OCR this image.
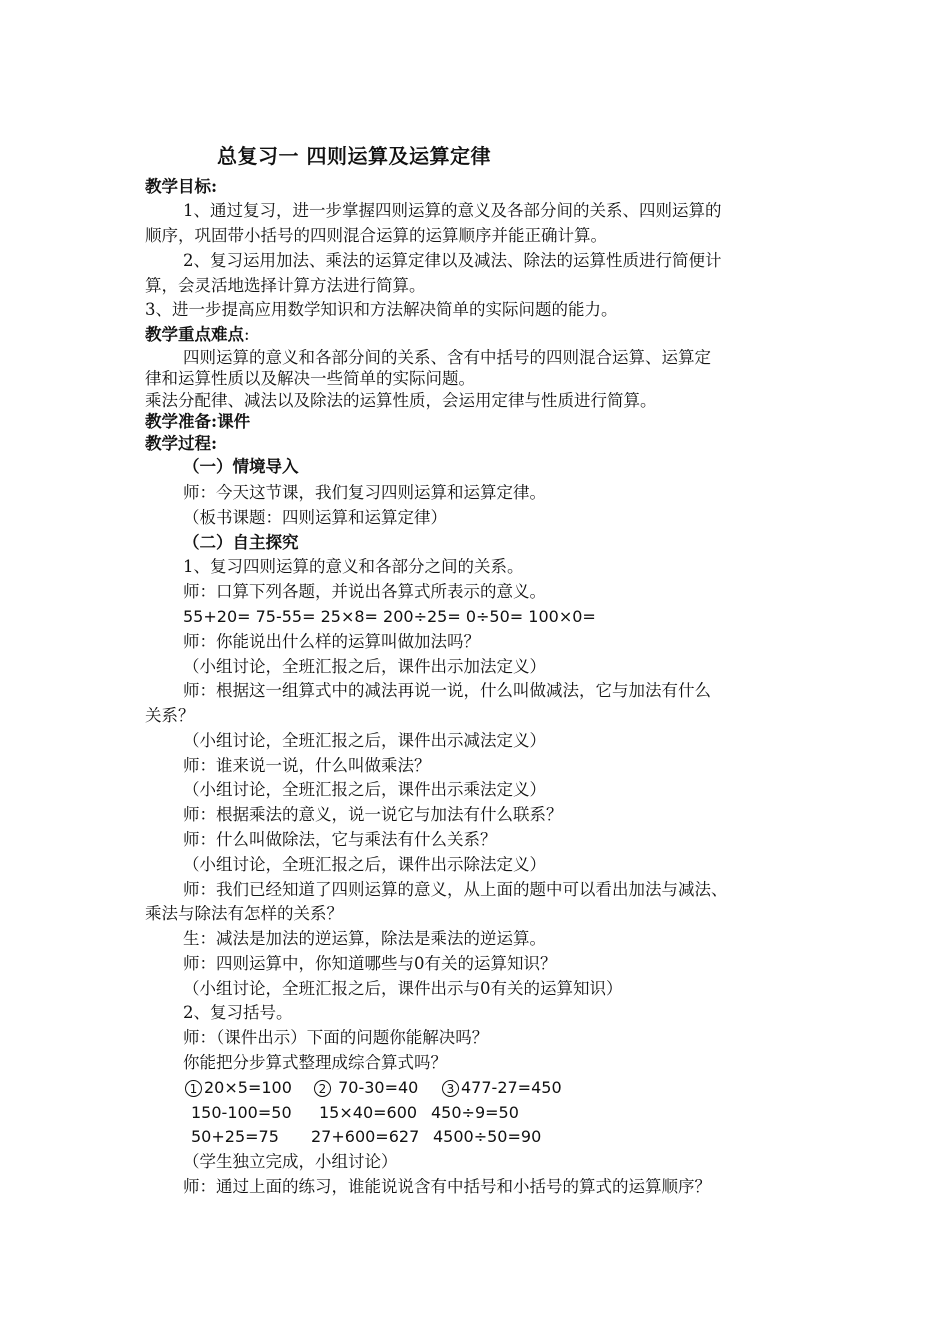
总复习一 四则运算及运算定律
教学目标:
1、通过复习，进一步掌握四则运算的意义及各部分间的关系、四则运算的
顺序，巩固带小括号的四则混合运算的运算顺序并能正确计算。
2、复习运用加法、乘法的运算定律以及减法、除法的运算性质进行简便计
算，会灵活地选择计算方法进行简算。
3、进一步提高应用数学知识和方法解决简单的实际问题的能力。
教学重点难点:
四则运算的意义和各部分间的关系、含有中括号的四则混合运算、运算定
律和运算性质以及解决一些简单的实际问题。
乘法分配律、减法以及除法的运算性质，会运用定律与性质进行简算。
教学准备:课件
教学过程:
（一）情境导入
师：今天这节课，我们复习四则运算和运算定律。
（板书课题：四则运算和运算定律）
（二）自主探究
1、复习四则运算的意义和各部分之间的关系。
师：口算下列各题，并说出各算式所表示的意义。
55+20= 75-55= 25×8= 200÷25= 0÷50= 100×0=
师：你能说出什么样的运算叫做加法吗？
（小组讨论，全班汇报之后，课件出示加法定义）
师：根据这一组算式中的减法再说一说，什么叫做减法，它与加法有什么
关系？
（小组讨论，全班汇报之后，课件出示减法定义）
师：谁来说一说，什么叫做乘法？
（小组讨论，全班汇报之后，课件出示乘法定义）
师：根据乘法的意义，说一说它与加法有什么联系？
师：什么叫做除法，它与乘法有什么关系？
（小组讨论，全班汇报之后，课件出示除法定义）
师：我们已经知道了四则运算的意义，从上面的题中可以看出加法与减法、
乘法与除法有怎样的关系？
生：减法是加法的逆运算，除法是乘法的逆运算。
师：四则运算中，你知道哪些与0有关的运算知识？
（小组讨论，全班汇报之后，课件出示与0有关的运算知识）
2、复习括号。
师：（课件出示）下面的问题你能解决吗？
你能把分步算式整理成综合算式吗？
1 20×5=100	2 70-30=40	3 477-27=450
150-100=50 15×40=600 450÷9=50
50+25=75 27+600=627 4500÷50=90
（学生独立完成，小组讨论）
师：通过上面的练习，谁能说说含有中括号和小括号的算式的运算顺序？
